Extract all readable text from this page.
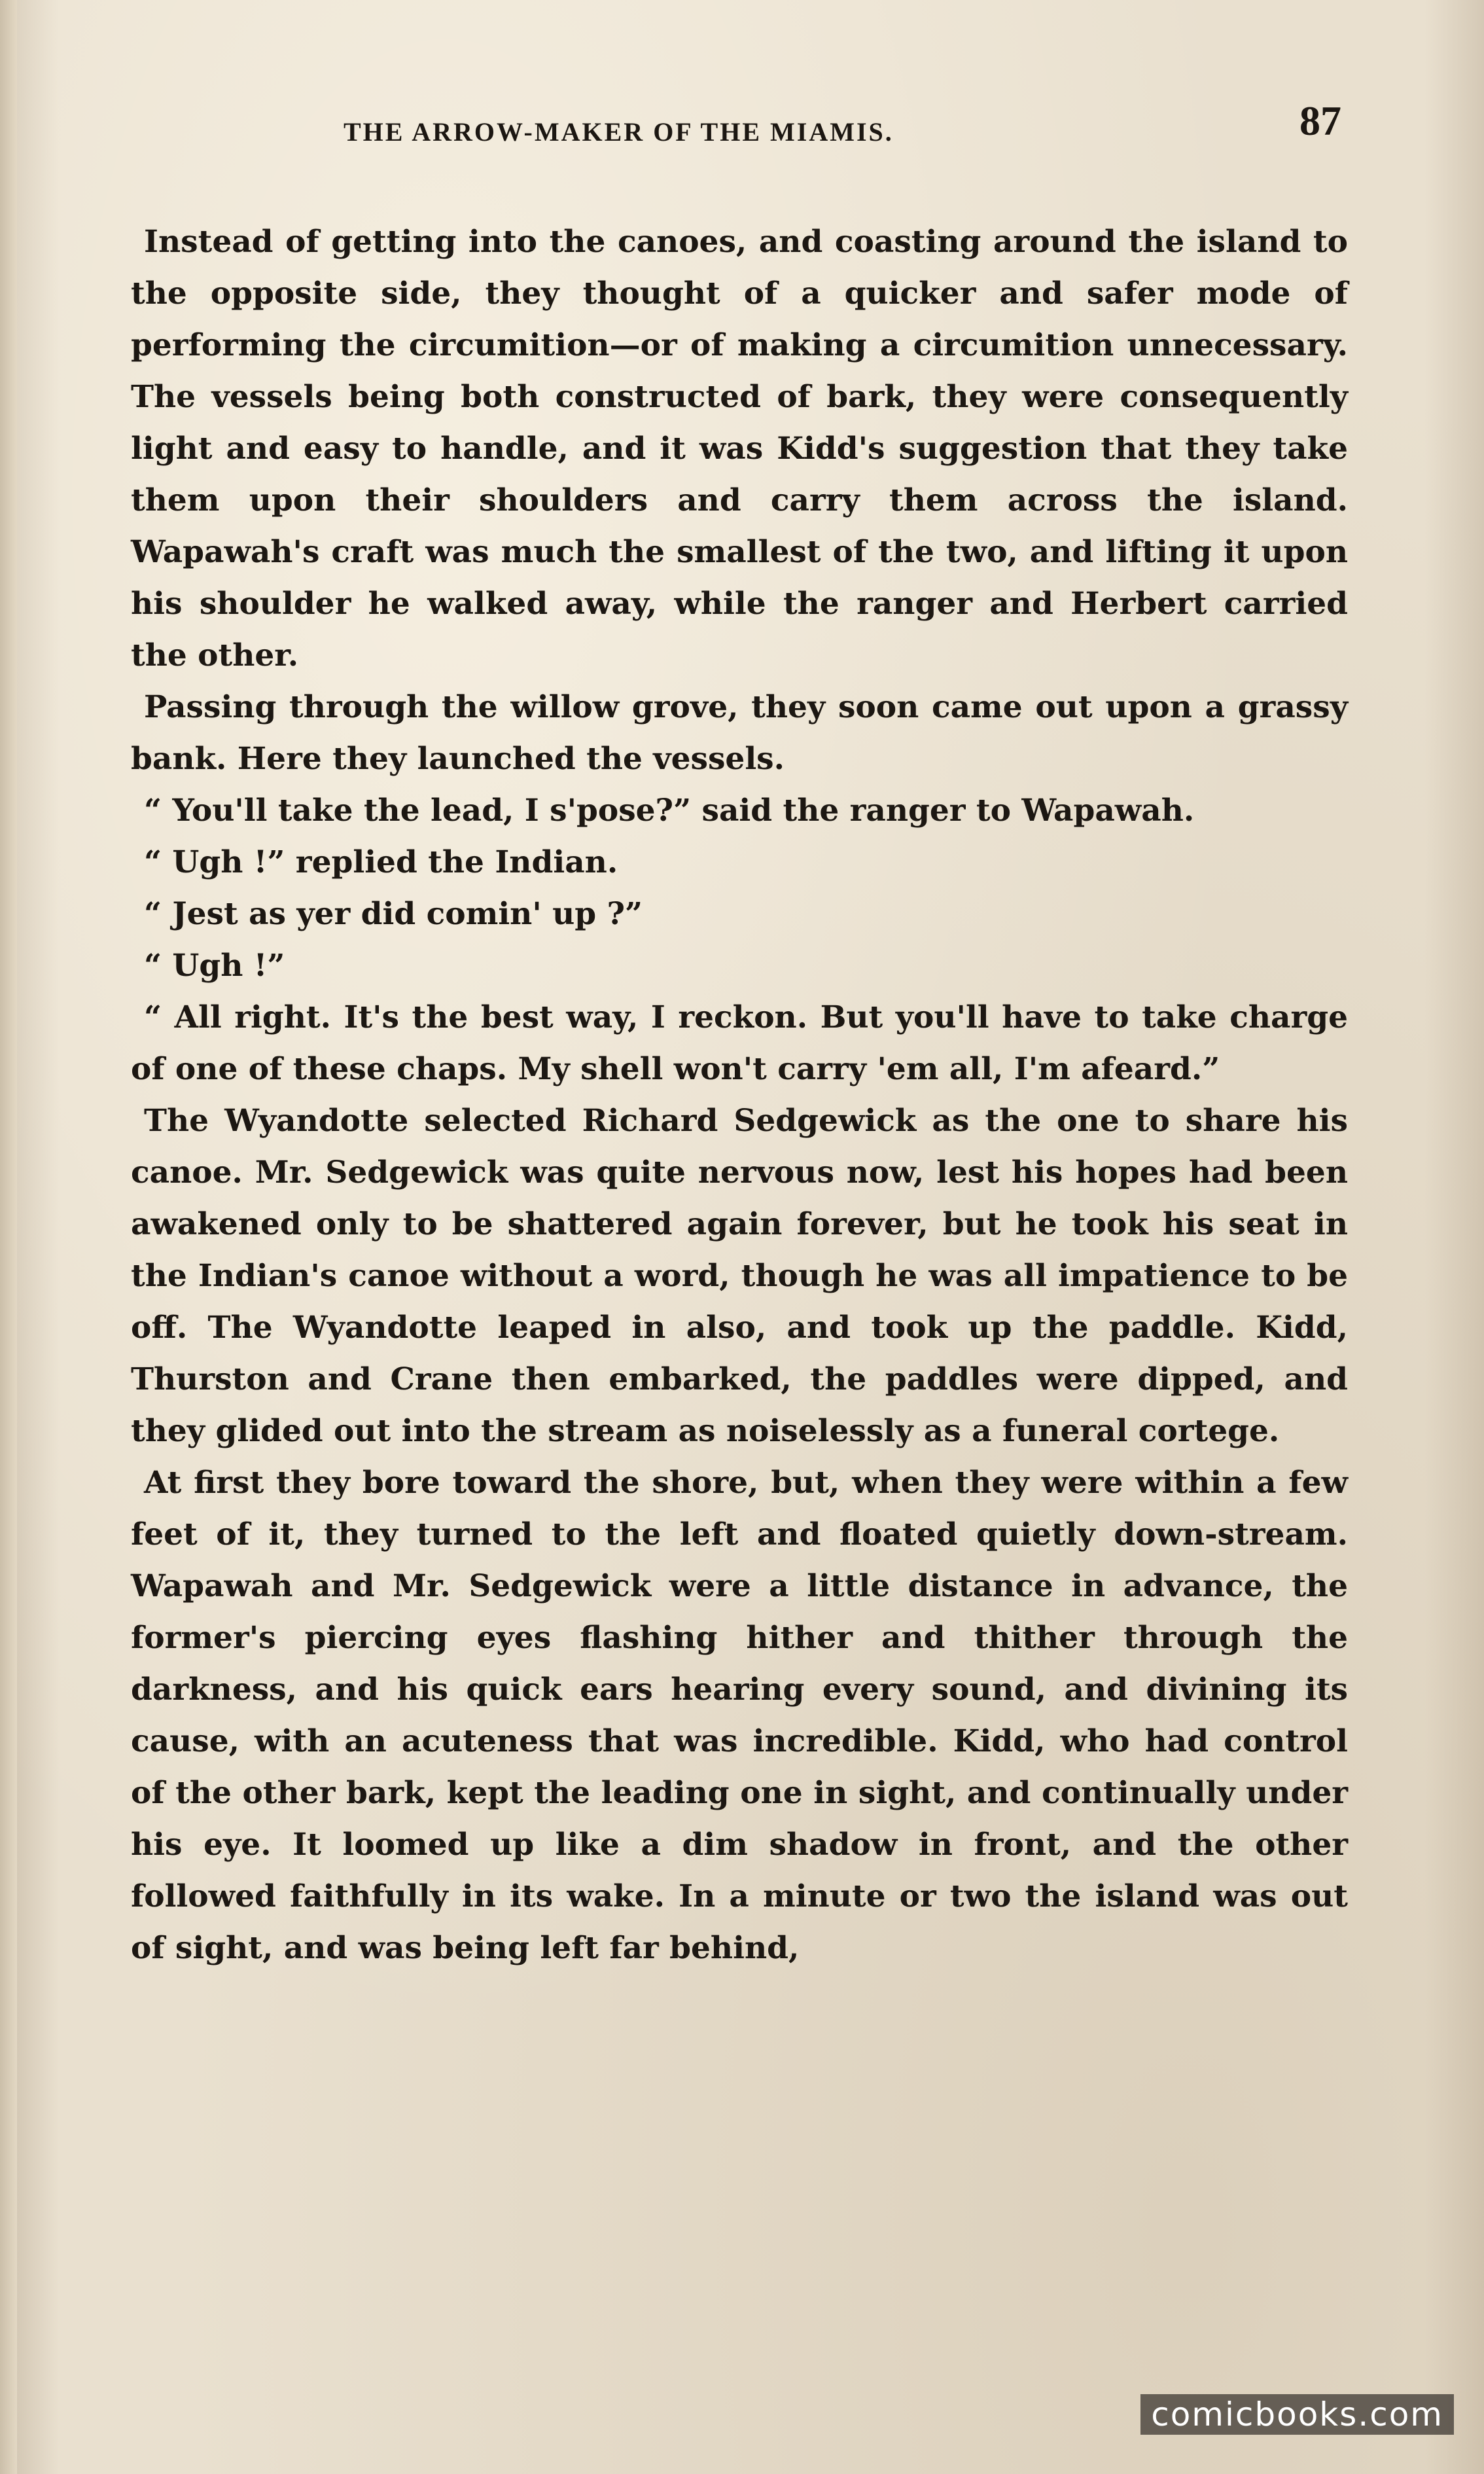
THE ARROW-MAKER OF THE MIAMIS.	87

Instead of getting into the canoes, and coasting around the island to the opposite side, they thought of a quicker and safer mode of performing the circumition—or of making a circumition unnecessary. The vessels being both constructed of bark, they were consequently light and easy to handle, and it was Kidd's suggestion that they take them upon their shoulders and carry them across the island. Wapawah's craft was much the smallest of the two, and lifting it upon his shoulder he walked away, while the ranger and Herbert carried the other.

Passing through the willow grove, they soon came out upon a grassy bank. Here they launched the vessels.

“ You'll take the lead, I s'pose?” said the ranger to Wapawah.

“ Ugh !” replied the Indian.

“ Jest as yer did comin' up ?”

“ Ugh !”

“ All right. It's the best way, I reckon. But you'll have to take charge of one of these chaps. My shell won't carry 'em all, I'm afeard.”

The Wyandotte selected Richard Sedgewick as the one to share his canoe. Mr. Sedgewick was quite nervous now, lest his hopes had been awakened only to be shattered again forever, but he took his seat in the Indian's canoe without a word, though he was all impatience to be off. The Wyandotte leaped in also, and took up the paddle. Kidd, Thurston and Crane then embarked, the paddles were dipped, and they glided out into the stream as noiselessly as a funeral cortege.

At first they bore toward the shore, but, when they were within a few feet of it, they turned to the left and floated quietly down-stream. Wapawah and Mr. Sedgewick were a little distance in advance, the former's piercing eyes flashing hither and thither through the darkness, and his quick ears hearing every sound, and divining its cause, with an acuteness that was incredible. Kidd, who had control of the other bark, kept the leading one in sight, and continually under his eye. It loomed up like a dim shadow in front, and the other followed faithfully in its wake. In a minute or two the island was out of sight, and was being left far behind,

comicbooks.com
